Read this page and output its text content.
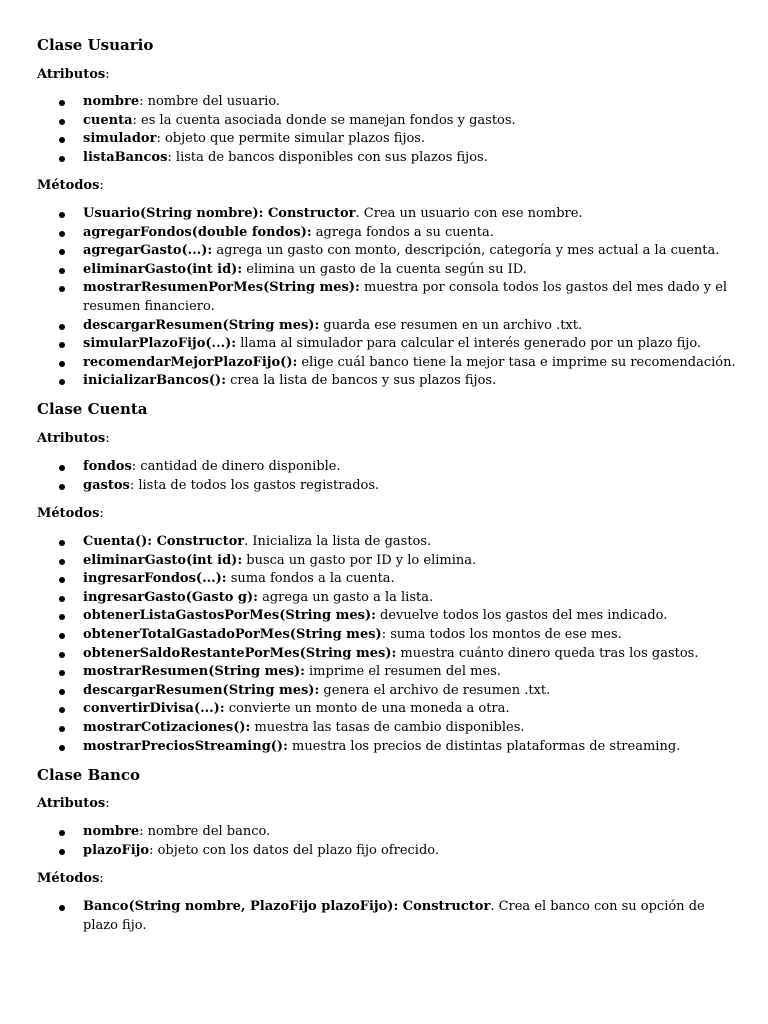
Clase Usuario

Atributos:

nombre: nombre del usuario.
cuenta: es la cuenta asociada donde se manejan fondos y gastos.
simulador: objeto que permite simular plazos fijos.
listaBancos: lista de bancos disponibles con sus plazos fijos.

Métodos:

Usuario(String nombre): Constructor. Crea un usuario con ese nombre.
agregarFondos(double fondos): agrega fondos a su cuenta.
agregarGasto(...): agrega un gasto con monto, descripción, categoría y mes actual a la cuenta.
eliminarGasto(int id): elimina un gasto de la cuenta según su ID.
mostrarResumenPorMes(String mes): muestra por consola todos los gastos del mes dado y el resumen financiero.
descargarResumen(String mes): guarda ese resumen en un archivo .txt.
simularPlazoFijo(...): llama al simulador para calcular el interés generado por un plazo fijo.
recomendarMejorPlazoFijo(): elige cuál banco tiene la mejor tasa e imprime su recomendación.
inicializarBancos(): crea la lista de bancos y sus plazos fijos.
Clase Cuenta

Atributos:

fondos: cantidad de dinero disponible.
gastos: lista de todos los gastos registrados.

Métodos:

Cuenta(): Constructor. Inicializa la lista de gastos.
eliminarGasto(int id): busca un gasto por ID y lo elimina.
ingresarFondos(...): suma fondos a la cuenta.
ingresarGasto(Gasto g): agrega un gasto a la lista.
obtenerListaGastosPorMes(String mes): devuelve todos los gastos del mes indicado.
obtenerTotalGastadoPorMes(String mes): suma todos los montos de ese mes.
obtenerSaldoRestantePorMes(String mes): muestra cuánto dinero queda tras los gastos.
mostrarResumen(String mes): imprime el resumen del mes.
descargarResumen(String mes): genera el archivo de resumen .txt.
convertirDivisa(...): convierte un monto de una moneda a otra.
mostrarCotizaciones(): muestra las tasas de cambio disponibles.
mostrarPreciosStreaming(): muestra los precios de distintas plataformas de streaming.
Clase Banco

Atributos:

nombre: nombre del banco.
plazoFijo: objeto con los datos del plazo fijo ofrecido.

Métodos:

Banco(String nombre, PlazoFijo plazoFijo): Constructor. Crea el banco con su opción de plazo fijo.
